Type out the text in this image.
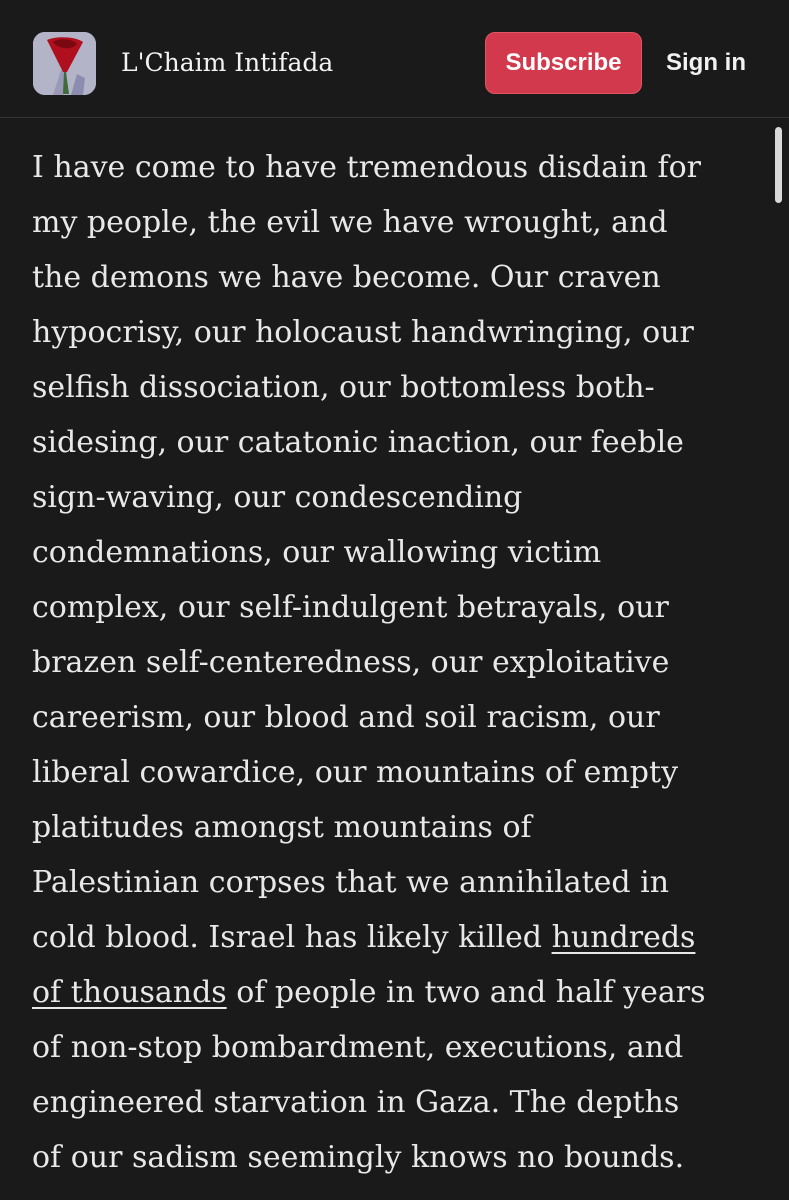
L'Chaim Intifada	Subscribe	Sign in

I have come to have tremendous disdain for

my people, the evil we have wrought, and

the demons we have become. Our craven

hypocrisy, our holocaust handwringing, our

selfish dissociation, our bottomless both-

sidesing, our catatonic inaction, our feeble

sign-waving, our condescending

condemnations, our wallowing victim

complex, our self-indulgent betrayals, our

brazen self-centeredness, our exploitative

careerism, our blood and soil racism, our

liberal cowardice, our mountains of empty

platitudes amongst mountains of

Palestinian corpses that we annihilated in

cold blood. Israel has likely killed hundreds

of thousands of people in two and half years

of non-stop bombardment, executions, and

engineered starvation in Gaza. The depths

of our sadism seemingly knows no bounds.
